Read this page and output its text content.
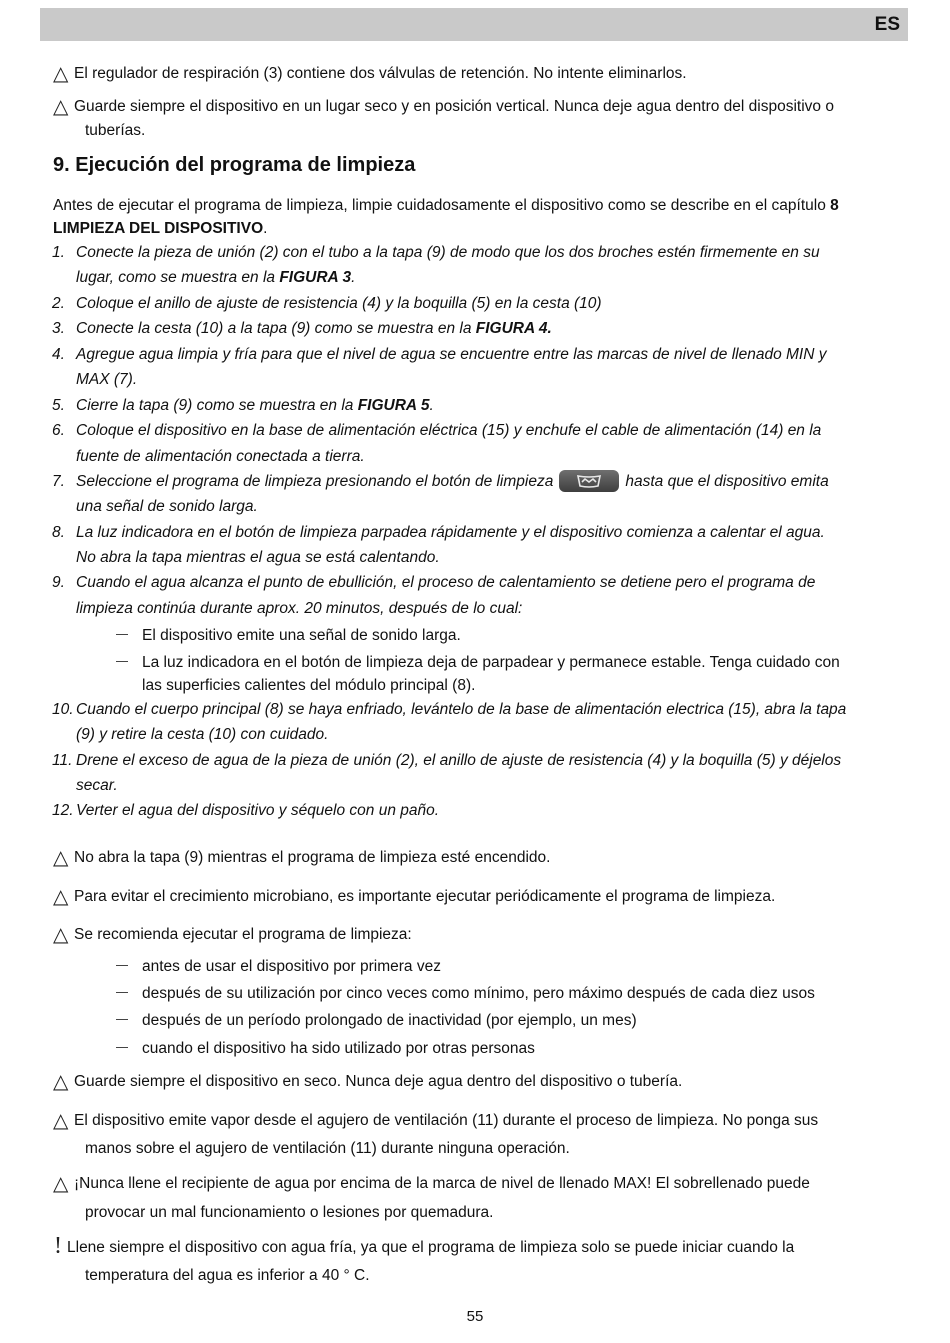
ES
△ El regulador de respiración (3) contiene dos válvulas de retención. No intente eliminarlos.
△ Guarde siempre el dispositivo en un lugar seco y en posición vertical. Nunca deje agua dentro del dispositivo o
tuberías.
9. Ejecución del programa de limpieza
Antes de ejecutar el programa de limpieza, limpie cuidadosamente el dispositivo como se describe en el capítulo 8
LIMPIEZA DEL DISPOSITIVO.
1. Conecte la pieza de unión (2) con el tubo a la tapa (9) de modo que los dos broches estén firmemente en su
lugar, como se muestra en la FIGURA 3.
2. Coloque el anillo de ajuste de resistencia (4) y la boquilla (5) en la cesta (10)
3. Conecte la cesta (10) a la tapa (9) como se muestra en la FIGURA 4.
4. Agregue agua limpia y fría para que el nivel de agua se encuentre entre las marcas de nivel de llenado MIN y
MAX (7).
5. Cierre la tapa (9) como se muestra en la FIGURA 5.
6. Coloque el dispositivo en la base de alimentación eléctrica (15) y enchufe el cable de alimentación (14) en la
fuente de alimentación conectada a tierra.
7. Seleccione el programa de limpieza presionando el botón de limpieza	hasta que el dispositivo emita
una señal de sonido larga.
8. La luz indicadora en el botón de limpieza parpadea rápidamente y el dispositivo comienza a calentar el agua.
No abra la tapa mientras el agua se está calentando.
9. Cuando el agua alcanza el punto de ebullición, el proceso de calentamiento se detiene pero el programa de
limpieza continúa durante aprox. 20 minutos, después de lo cual:
El dispositivo emite una señal de sonido larga.
La luz indicadora en el botón de limpieza deja de parpadear y permanece estable. Tenga cuidado con
las superficies calientes del módulo principal (8).
10. Cuando el cuerpo principal (8) se haya enfriado, levántelo de la base de alimentación electrica (15), abra la tapa
(9) y retire la cesta (10) con cuidado.
11. Drene el exceso de agua de la pieza de unión (2), el anillo de ajuste de resistencia (4) y la boquilla (5) y déjelos
secar.
12. Verter el agua del dispositivo y séquelo con un paño.
△ No abra la tapa (9) mientras el programa de limpieza esté encendido.
△ Para evitar el crecimiento microbiano, es importante ejecutar periódicamente el programa de limpieza.
△ Se recomienda ejecutar el programa de limpieza:
antes de usar el dispositivo por primera vez
después de su utilización por cinco veces como mínimo, pero máximo después de cada diez usos
después de un período prolongado de inactividad (por ejemplo, un mes)
cuando el dispositivo ha sido utilizado por otras personas
△ Guarde siempre el dispositivo en seco. Nunca deje agua dentro del dispositivo o tubería.
△ El dispositivo emite vapor desde el agujero de ventilación (11) durante el proceso de limpieza. No ponga sus
manos sobre el agujero de ventilación (11) durante ninguna operación.
△ ¡Nunca llene el recipiente de agua por encima de la marca de nivel de llenado MAX! El sobrellenado puede
provocar un mal funcionamiento o lesiones por quemadura.
! Llene siempre el dispositivo con agua fría, ya que el programa de limpieza solo se puede iniciar cuando la
temperatura del agua es inferior a 40 ° C.
55
